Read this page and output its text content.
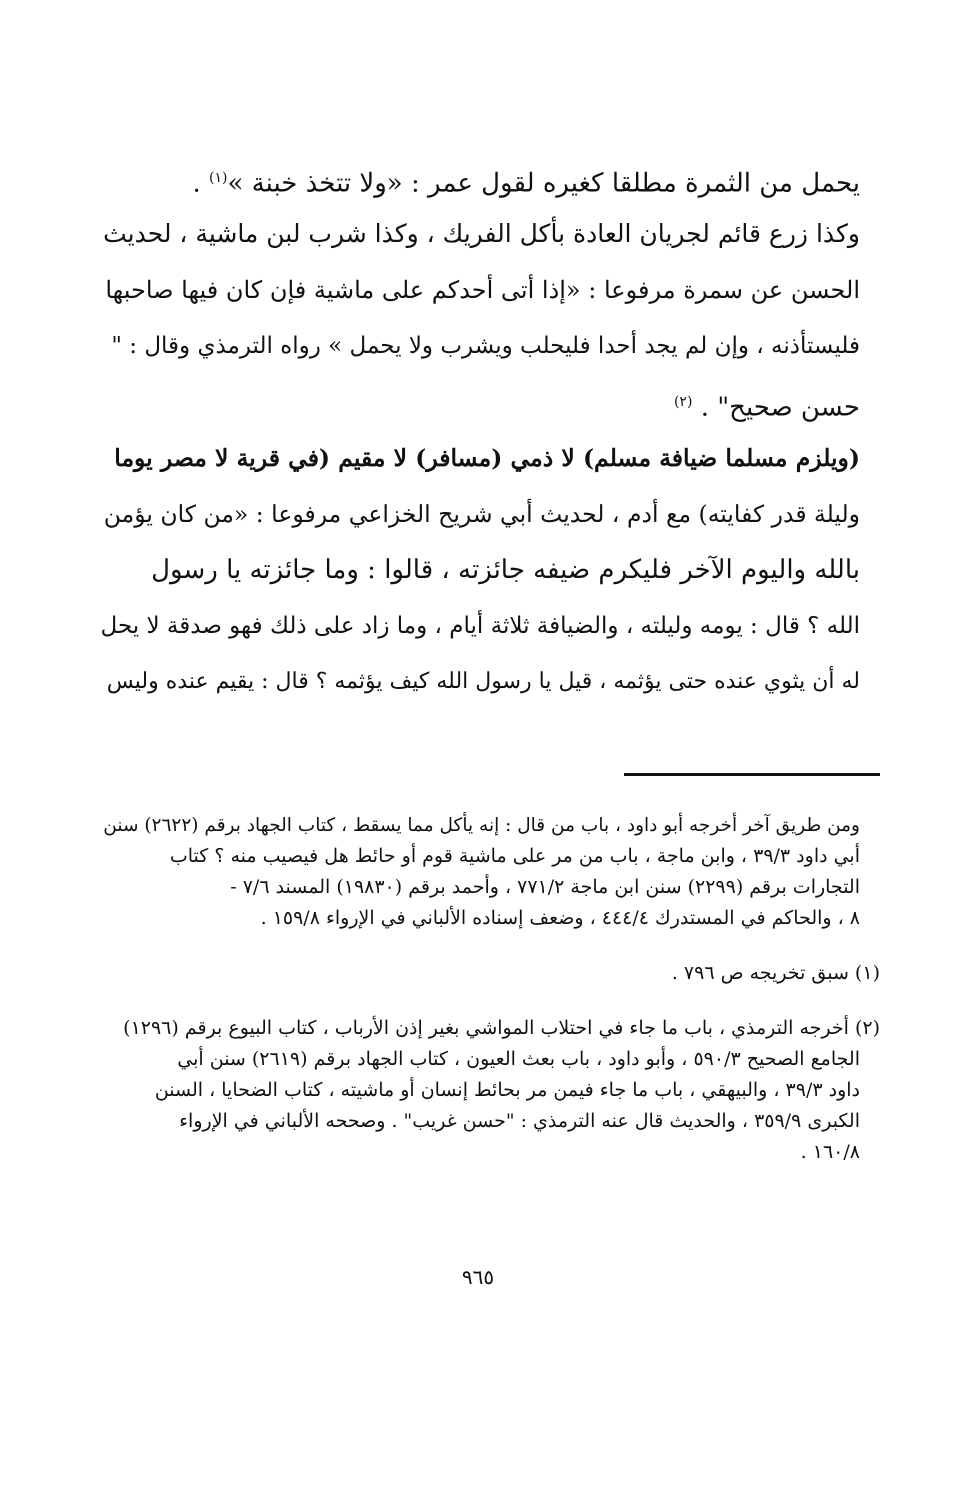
يحمل من الثمرة مطلقا كغيره لقول عمر : «ولا تتخذ خبنة »$^{(١)}$ .
وكذا زرع قائم لجريان العادة بأكل الفريك ، وكذا شرب لبن ماشية ، لحديث
الحسن عن سمرة مرفوعا : «إذا أتى أحدكم على ماشية فإن كان فيها صاحبها
فليستأذنه ، وإن لم يجد أحدا فليحلب ويشرب ولا يحمل » رواه الترمذي وقال : "
حسن صحيح" . $^{(٢)}$
(ويلزم مسلما ضيافة مسلم) لا ذمي (مسافر) لا مقيم (في قرية لا مصر يوما
وليلة قدر كفايته) مع أدم ، لحديث أبي شريح الخزاعي مرفوعا : «من كان يؤمن
بالله واليوم الآخر فليكرم ضيفه جائزته ، قالوا : وما جائزته يا رسول
الله ؟ قال : يومه وليلته ، والضيافة ثلاثة أيام ، وما زاد على ذلك فهو صدقة لا يحل
له أن يثوي عنده حتى يؤثمه ، قيل يا رسول الله كيف يؤثمه ؟ قال : يقيم عنده وليس
ومن طريق آخر أخرجه أبو داود ، باب من قال : إنه يأكل مما يسقط ، كتاب الجهاد برقم (٢٦٢٢) سنن
أبي داود ٣٩/٣ ، وابن ماجة ، باب من مر على ماشية قوم أو حائط هل فيصيب منه ؟ كتاب
التجارات برقم (٢٢٩٩) سنن ابن ماجة ٧٧١/٢ ، وأحمد برقم (١٩٨٣٠) المسند ٧/٦ -
٨ ، والحاكم في المستدرك ٤٤٤/٤ ، وضعف إسناده الألباني في الإرواء ١٥٩/٨ .
(١) سبق تخريجه ص ٧٩٦ .
(٢) أخرجه الترمذي ، باب ما جاء في احتلاب المواشي بغير إذن الأرباب ، كتاب البيوع برقم (١٢٩٦)
الجامع الصحيح ٥٩٠/٣ ، وأبو داود ، باب بعث العيون ، كتاب الجهاد برقم (٢٦١٩) سنن أبي
داود ٣٩/٣ ، والبيهقي ، باب ما جاء فيمن مر بحائط إنسان أو ماشيته ، كتاب الضحايا ، السنن
الكبرى ٣٥٩/٩ ، والحديث قال عنه الترمذي : "حسن غريب" . وصححه الألباني في الإرواء
١٦٠/٨ .
٩٦٥
